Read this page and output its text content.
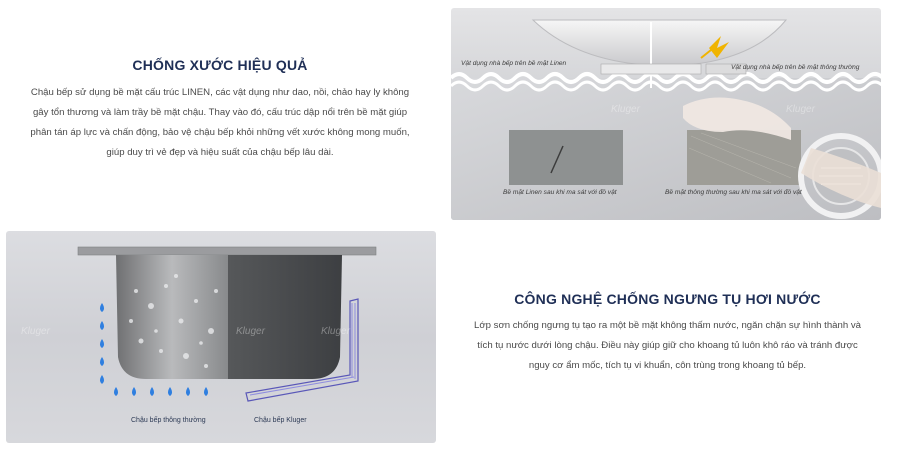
CHỐNG XƯỚC HIỆU QUẢ
Chậu bếp sử dụng bề mặt cấu trúc LINEN, các vật dụng như dao, nồi, chảo hay ly không
gây tổn thương và làm trầy bề mặt chậu. Thay vào đó, cấu trúc dập nổi trên bề mặt giúp
phân tán áp lực và chấn động, bảo vệ chậu bếp khỏi những vết xước không mong muốn,
giúp duy trì vẻ đẹp và hiệu suất của chậu bếp lâu dài.
Kluger	Kluger
Vật dụng nhà bếp trên bề mặt Linen
Vật dụng nhà bếp trên bề mặt thông thường
Bề mặt Linen sau khi ma sát với đồ vật	Bề mặt thông thường sau khi ma sát với đồ vật
Kluger	Kluger	Kluger
Chậu bếp thông thường	Chậu bếp Kluger
CÔNG NGHỆ CHỐNG NGƯNG TỤ HƠI NƯỚC
Lớp sơn chống ngưng tụ tạo ra một bề mặt không thấm nước, ngăn chặn sự hình thành và
tích tụ nước dưới lòng chậu. Điều này giúp giữ cho khoang tủ luôn khô ráo và tránh được
nguy cơ ẩm mốc, tích tụ vi khuẩn, côn trùng trong khoang tủ bếp.
